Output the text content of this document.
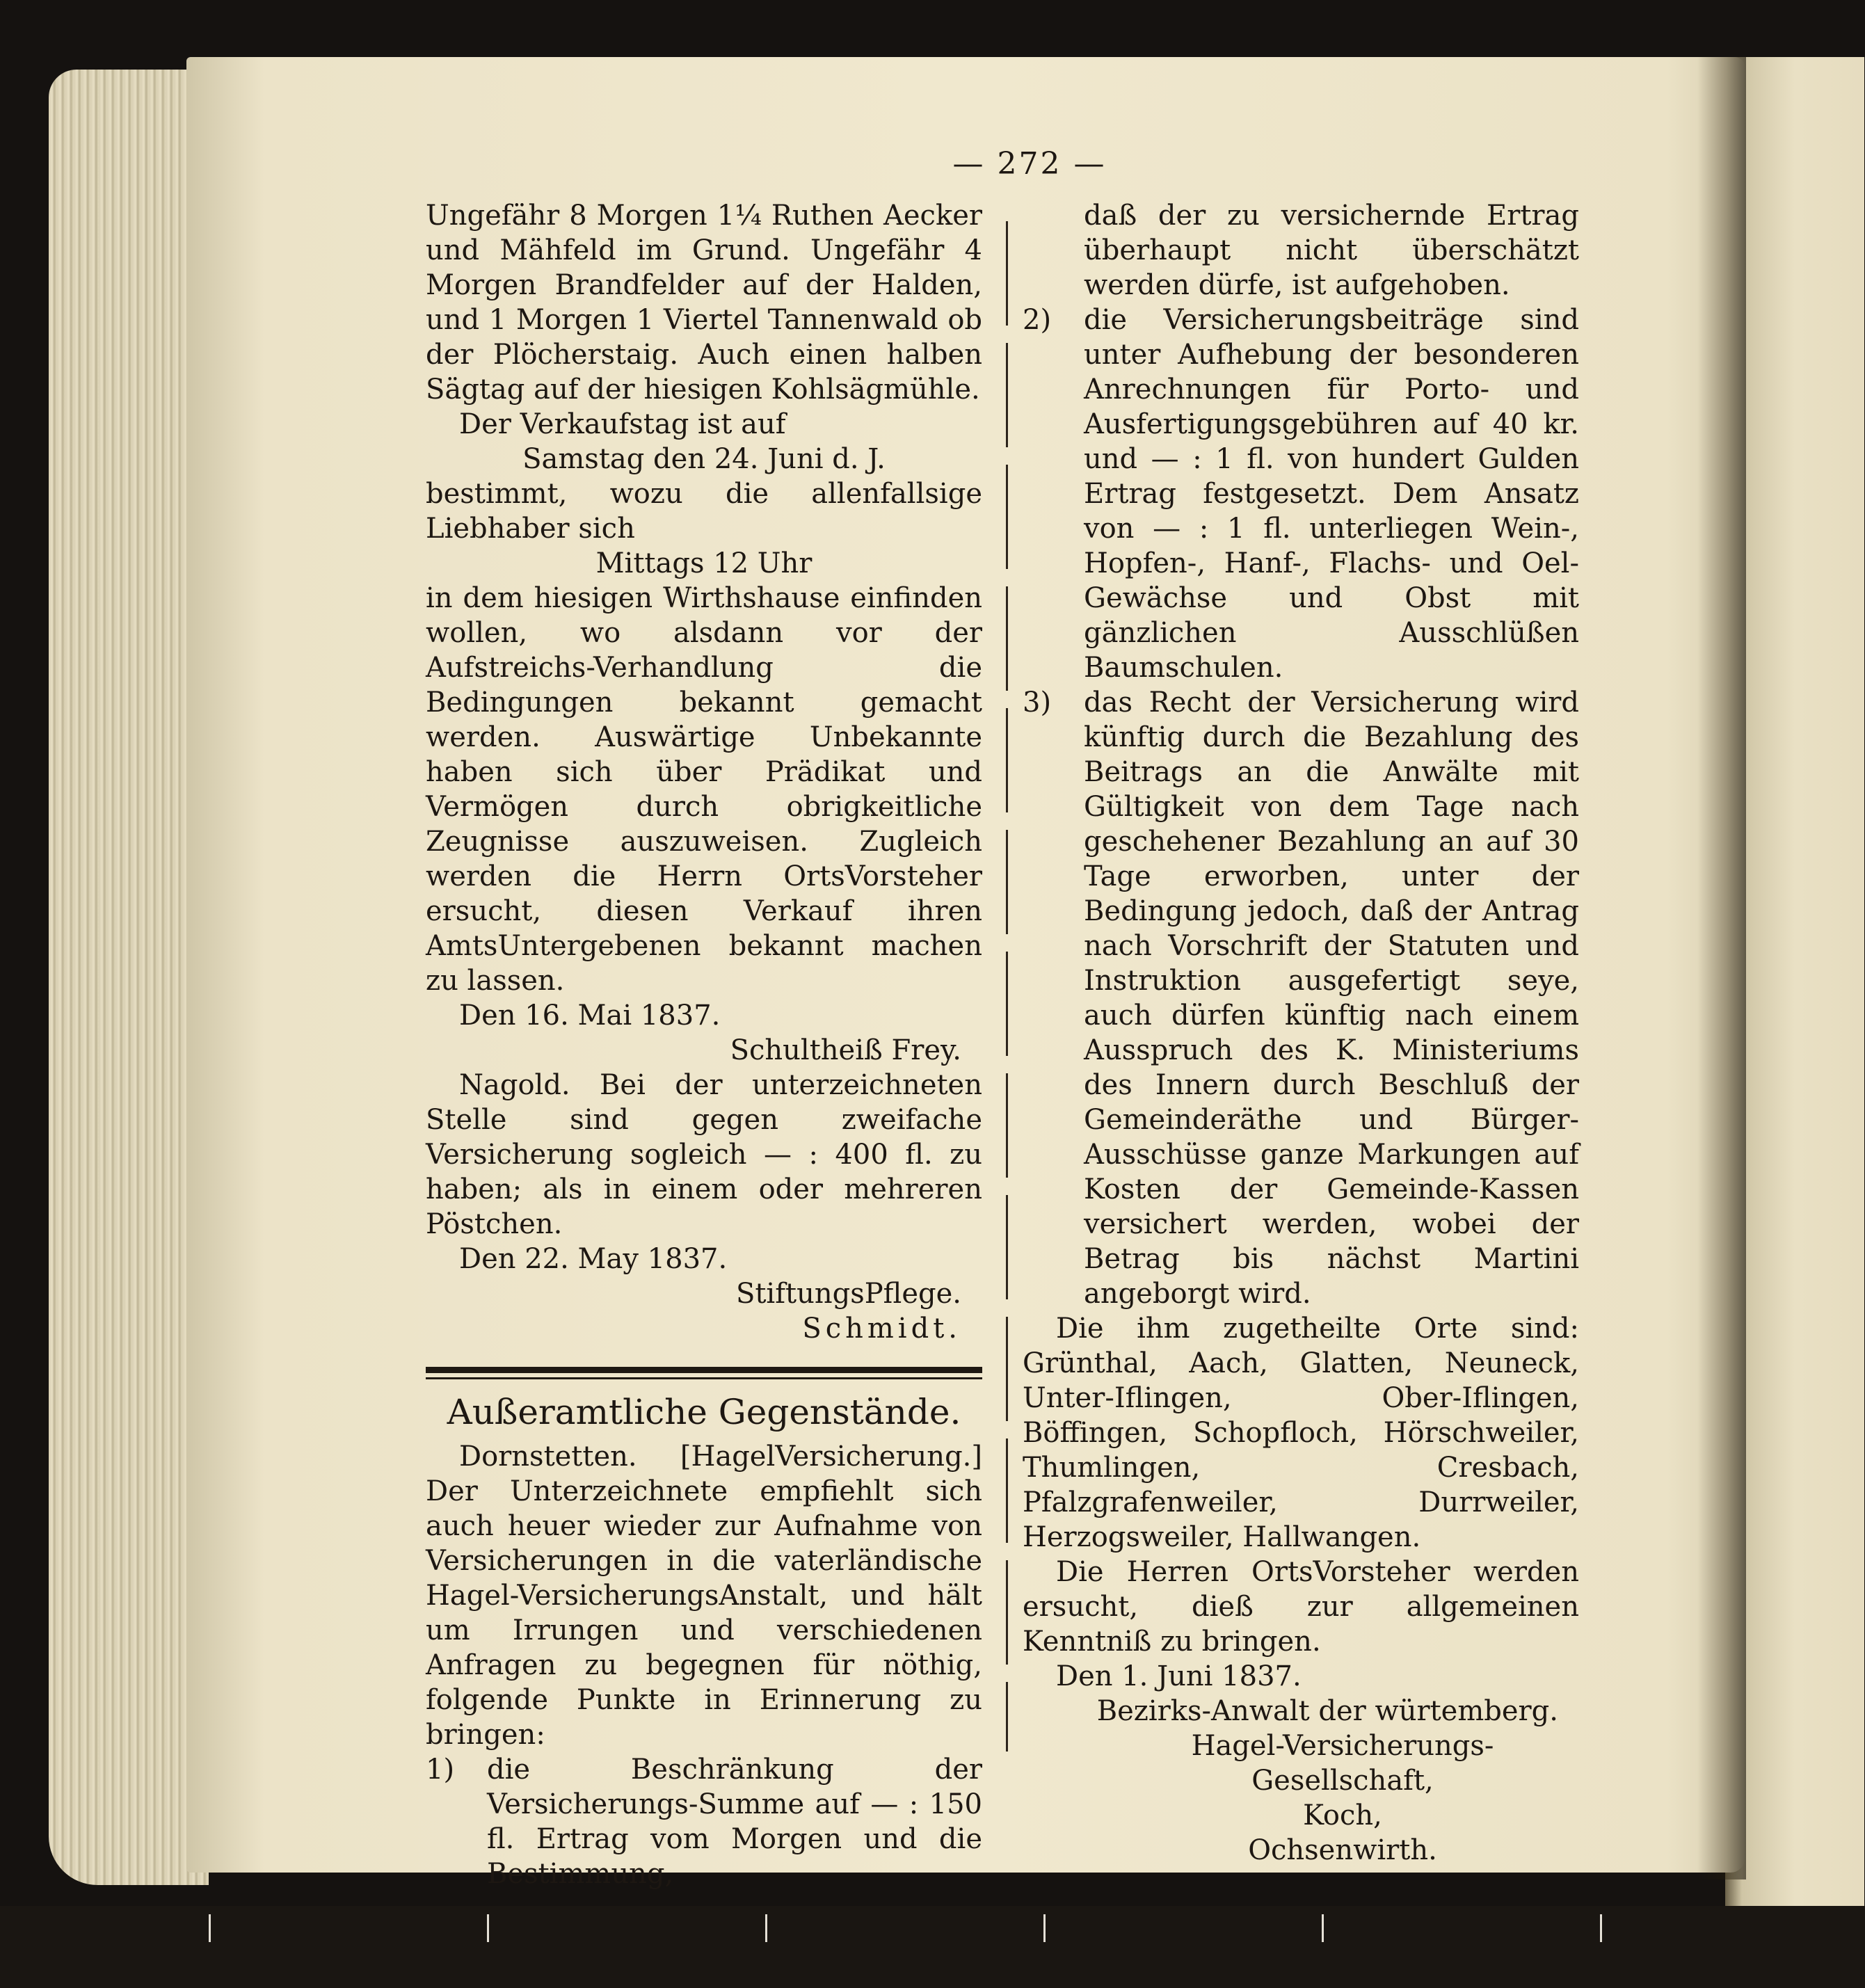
— 272 —

Ungefähr 8 Morgen 1¼ Ruthen Aecker und Mähfeld im Grund. Ungefähr 4 Morgen Brandfelder auf der Halden, und 1 Morgen 1 Viertel Tannenwald ob der Plöcherstaig. Auch einen halben Sägtag auf der hiesigen Kohlsägmühle.

Der Verkaufstag ist auf

Samstag den 24. Juni d. J.

bestimmt, wozu die allenfallsige Liebhaber sich

Mittags 12 Uhr

in dem hiesigen Wirthshause einfinden wollen, wo alsdann vor der Aufstreichs-Verhandlung die Bedingungen bekannt gemacht werden. Auswärtige Unbekannte haben sich über Prädikat und Vermögen durch obrigkeitliche Zeugnisse auszuweisen. Zugleich werden die Herrn OrtsVorsteher ersucht, diesen Verkauf ihren AmtsUntergebenen bekannt machen zu lassen.

Den 16. Mai 1837.

Schultheiß Frey.

Nagold. Bei der unterzeichneten Stelle sind gegen zweifache Versicherung sogleich — : 400 fl. zu haben; als in einem oder mehreren Pöstchen.

Den 22. May 1837.

StiftungsPflege.

Schmidt.

Außeramtliche Gegenstände.

Dornstetten. [HagelVersicherung.] Der Unterzeichnete empfiehlt sich auch heuer wieder zur Aufnahme von Versicherungen in die vaterländische Hagel-VersicherungsAnstalt, und hält um Irrungen und verschiedenen Anfragen zu begegnen für nöthig, folgende Punkte in Erinnerung zu bringen:

1) die Beschränkung der Versicherungs-Summe auf — : 150 fl. Ertrag vom Morgen und die Bestimmung,

daß der zu versichernde Ertrag überhaupt nicht überschätzt werden dürfe, ist aufgehoben.

2) die Versicherungsbeiträge sind unter Aufhebung der besonderen Anrechnungen für Porto- und Ausfertigungsgebühren auf 40 kr. und — : 1 fl. von hundert Gulden Ertrag festgesetzt. Dem Ansatz von — : 1 fl. unterliegen Wein-, Hopfen-, Hanf-, Flachs- und Oel-Gewächse und Obst mit gänzlichen Ausschlüßen Baumschulen.

3) das Recht der Versicherung wird künftig durch die Bezahlung des Beitrags an die Anwälte mit Gültigkeit von dem Tage nach geschehener Bezahlung an auf 30 Tage erworben, unter der Bedingung jedoch, daß der Antrag nach Vorschrift der Statuten und Instruktion ausgefertigt seye, auch dürfen künftig nach einem Ausspruch des K. Ministeriums des Innern durch Beschluß der Gemeinderäthe und Bürger-Ausschüsse ganze Markungen auf Kosten der Gemeinde-Kassen versichert werden, wobei der Betrag bis nächst Martini angeborgt wird.

Die ihm zugetheilte Orte sind: Grünthal, Aach, Glatten, Neuneck, Unter-Iflingen, Ober-Iflingen, Böffingen, Schopfloch, Hörschweiler, Thumlingen, Cresbach, Pfalzgrafenweiler, Durrweiler, Herzogsweiler, Hallwangen.

Die Herren OrtsVorsteher werden ersucht, dieß zur allgemeinen Kenntniß zu bringen.

Den 1. Juni 1837.

Bezirks-Anwalt der würtemberg.

Hagel-Versicherungs-

Gesellschaft,

Koch,

Ochsenwirth.
